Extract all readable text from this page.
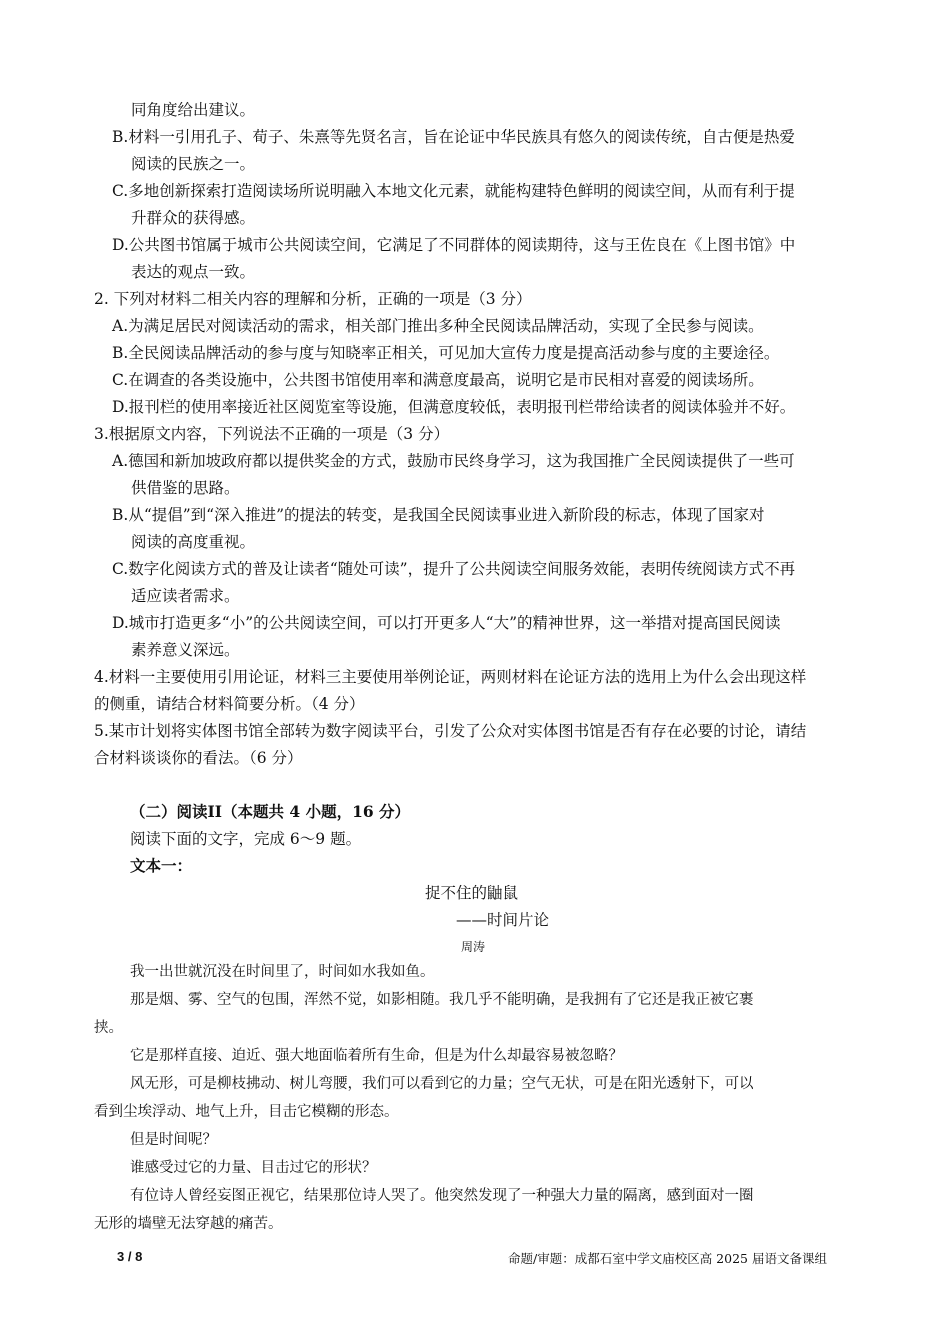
同角度给出建议。
B.材料一引用孔子、荀子、朱熹等先贤名言，旨在论证中华民族具有悠久的阅读传统，自古便是热爱
阅读的民族之一。
C.多地创新探索打造阅读场所说明融入本地文化元素，就能构建特色鲜明的阅读空间，从而有利于提
升群众的获得感。
D.公共图书馆属于城市公共阅读空间，它满足了不同群体的阅读期待，这与王佐良在《上图书馆》中
表达的观点一致。
2. 下列对材料二相关内容的理解和分析，正确的一项是（3 分）
A.为满足居民对阅读活动的需求，相关部门推出多种全民阅读品牌活动，实现了全民参与阅读。
B.全民阅读品牌活动的参与度与知晓率正相关，可见加大宣传力度是提高活动参与度的主要途径。
C.在调查的各类设施中，公共图书馆使用率和满意度最高，说明它是市民相对喜爱的阅读场所。
D.报刊栏的使用率接近社区阅览室等设施，但满意度较低，表明报刊栏带给读者的阅读体验并不好。
3.根据原文内容，下列说法不正确的一项是（3 分）
A.德国和新加坡政府都以提供奖金的方式，鼓励市民终身学习，这为我国推广全民阅读提供了一些可
供借鉴的思路。
B.从“提倡”到“深入推进”的提法的转变，是我国全民阅读事业进入新阶段的标志，体现了国家对
阅读的高度重视。
C.数字化阅读方式的普及让读者“随处可读”，提升了公共阅读空间服务效能，表明传统阅读方式不再
适应读者需求。
D.城市打造更多“小”的公共阅读空间，可以打开更多人“大”的精神世界，这一举措对提高国民阅读
素养意义深远。
4.材料一主要使用引用论证，材料三主要使用举例论证，两则材料在论证方法的选用上为什么会出现这样
的侧重，请结合材料简要分析。（4 分）
5.某市计划将实体图书馆全部转为数字阅读平台，引发了公众对实体图书馆是否有存在必要的讨论，请结
合材料谈谈你的看法。（6 分）
（二）阅读II（本题共 4 小题，16 分）
阅读下面的文字，完成 6～9 题。
文本一：
捉不住的鼬鼠
——时间片论
周涛
我一出世就沉没在时间里了，时间如水我如鱼。
那是烟、雾、空气的包围，浑然不觉，如影相随。我几乎不能明确，是我拥有了它还是我正被它裹
挟。
它是那样直接、迫近、强大地面临着所有生命，但是为什么却最容易被忽略？
风无形，可是柳枝拂动、树儿弯腰，我们可以看到它的力量；空气无状，可是在阳光透射下，可以
看到尘埃浮动、地气上升，目击它模糊的形态。
但是时间呢？
谁感受过它的力量、目击过它的形状？
有位诗人曾经妄图正视它，结果那位诗人哭了。他突然发现了一种强大力量的隔离，感到面对一圈
无形的墙壁无法穿越的痛苦。
3 / 8	命题/审题：成都石室中学文庙校区高 2025 届语文备课组
